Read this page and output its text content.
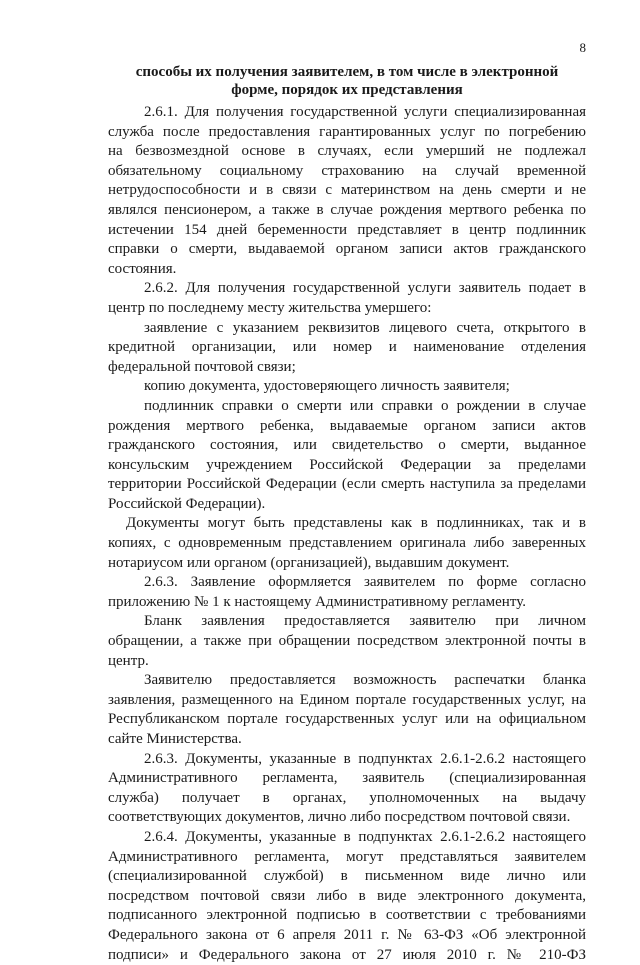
8
способы их получения заявителем, в том числе в электронной
форме, порядок их представления
2.6.1. Для получения государственной услуги специализированная
служба после предоставления гарантированных услуг по погребению
на безвозмездной основе в случаях, если умерший не подлежал
обязательному социальному страхованию на случай временной
нетрудоспособности и в связи с материнством на день смерти и не
являлся пенсионером, а также в случае рождения мертвого ребенка по
истечении 154 дней беременности представляет в центр подлинник
справки о смерти, выдаваемой органом записи актов гражданского
состояния.
2.6.2. Для получения государственной услуги заявитель подает в
центр по последнему месту жительства умершего:
заявление с указанием реквизитов лицевого счета, открытого в
кредитной организации, или номер и наименование отделения
федеральной почтовой связи;
копию документа, удостоверяющего личность заявителя;
подлинник справки о смерти или справки о рождении в случае
рождения мертвого ребенка, выдаваемые органом записи актов
гражданского состояния, или свидетельство о смерти, выданное
консульским учреждением Российской Федерации за пределами
территории Российской Федерации (если смерть наступила за пределами
Российской Федерации).
Документы могут быть представлены как в подлинниках, так и в
копиях, с одновременным представлением оригинала либо заверенных
нотариусом или органом (организацией), выдавшим документ.
2.6.3. Заявление оформляется заявителем по форме согласно
приложению № 1 к настоящему Административному регламенту.
Бланк заявления предоставляется заявителю при личном
обращении, а также при обращении посредством электронной почты в
центр.
Заявителю предоставляется возможность распечатки бланка
заявления, размещенного на Едином портале государственных услуг, на
Республиканском портале государственных услуг или на официальном
сайте Министерства.
2.6.3. Документы, указанные в подпунктах 2.6.1-2.6.2 настоящего
Административного регламента, заявитель (специализированная
служба) получает в органах, уполномоченных на выдачу
соответствующих документов, лично либо посредством почтовой связи.
2.6.4. Документы, указанные в подпунктах 2.6.1-2.6.2 настоящего
Административного регламента, могут представляться заявителем
(специализированной службой) в письменном виде лично или
посредством почтовой связи либо в виде электронного документа,
подписанного электронной подписью в соответствии с требованиями
Федерального закона от 6 апреля 2011 г. № 63-ФЗ «Об электронной
подписи» и Федерального закона от 27 июля 2010 г. № 210-ФЗ
